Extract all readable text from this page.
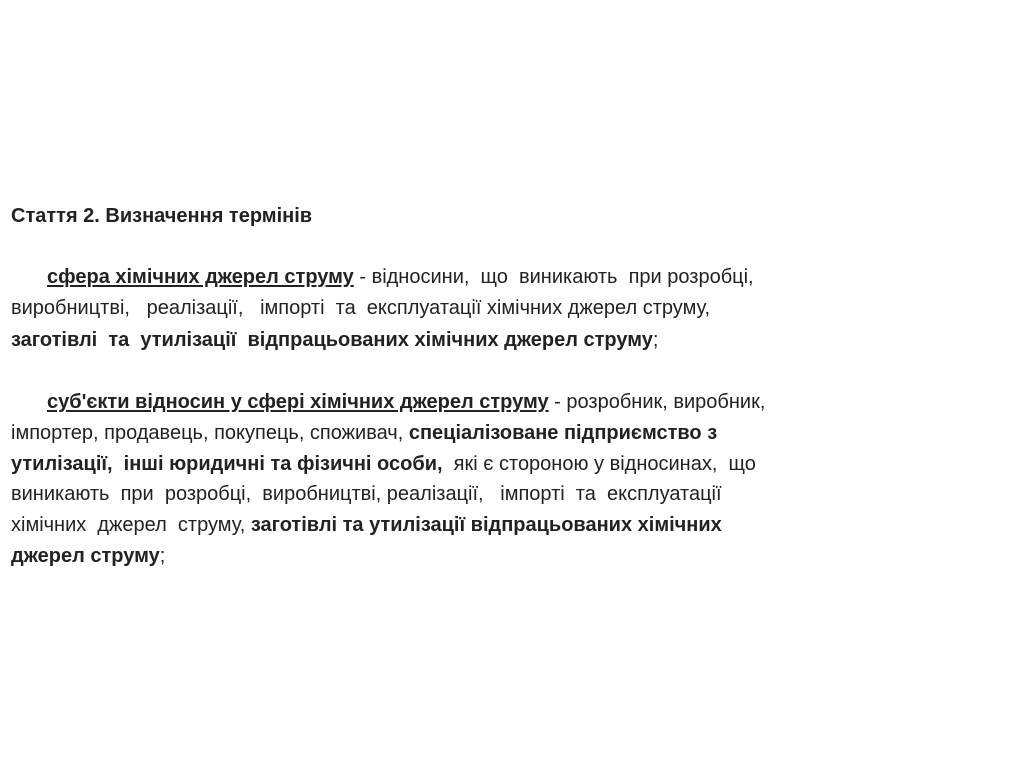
Стаття 2. Визначення термінів
сфера хімічних джерел струму - відносини,  що  виникають  при розробці,
виробництві,   реалізації,   імпорті  та  експлуатації хімічних джерел струму,
заготівлі  та  утилізації  відпрацьованих хімічних джерел струму;
суб'єкти відносин у сфері хімічних джерел струму - розробник, виробник,
імпортер, продавець, покупець, споживач, спеціалізоване підприємство з
утилізації,  інші юридичні та фізичні особи,  які є стороною у відносинах,  що
виникають  при  розробці,  виробництві, реалізації,   імпорті  та  експлуатації
хімічних  джерел  струму, заготівлі та утилізації відпрацьованих хімічних
джерел струму;
